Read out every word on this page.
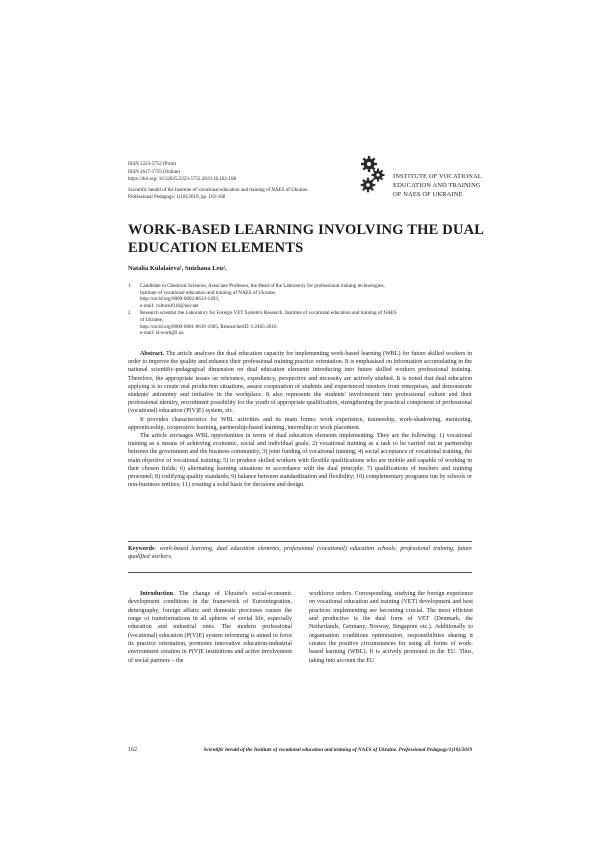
ISSN 2223-5752 (Print)
ISSN 2617-1759 (Online)
https://doi.org/ 10.32835/2223-5752.2019.18.162-168
Scientific herald of the Institute of vocational education and training of NAES of Ukraine.
Professional Pedagogy/ 1(18)/2019, pp. 162-168
INSTITUTE OF VOCATIONAL
EDUCATION AND TRAINING
OF NAES OF UKRAINE
WORK-BASED LEARNING INVOLVING THE DUAL
EDUCATION ELEMENTS
Natalia Kulalaieva¹, Snizhana Leu²,
1 Candidate in Chemical Sciences, Associate Professor, the Head of the Laboratory for professional training technologies,
Institute of vocational education and training of NAES of Ukraine,
http://orcid.org/0000-0002-8613-1493,
e-mail: culture2016@ukr.net
2 Research scientist the Laboratory for Foreign VET System's Research, Institute of vocational education and training of NAES
of Ukraine,
http://orcid.org/0000-0001-8616-1005, ResearcherID: I-2465-2016
e-mail: sl-work@i.ua

Abstract. The article analyses the dual education capacity for implementing work-based learning (WBL) for future skilled workers in order to improve the quality and enhance their professional training practice orientation. It is emphasised on information accumulating in the national scientific-pedagogical dimension on dual education elements introducing into future skilled workers professional training. Therefore, the appropriate issues on relevance, expediency, perspective and necessity are actively studied. It is noted that dual education applying is to create real production situations, assure cooperation of students and experienced mentors from enterprises, and demonstrate students' autonomy and initiative in the workplace. It also represents the students' involvement into professional culture and their professional identity, recruitment possibility for the youth of appropriate qualification, strengthening the practical component of professional (vocational) education (P(V)E) system, etc.

It provides characteristics for WBL activities and its main forms: work experience, traineeship, work-shadowing, mentoring, apprenticeship, cooperative learning, partnership-based learning, internship or work placement.

The article envisages WBL opportunities in terms of dual education elements implementing. They are the following: 1) vocational training as a means of achieving economic, social and individual goals; 2) vocational training as a task to be carried out in partnership between the government and the business community; 3) joint funding of vocational training; 4) social acceptance of vocational training, the main objective of vocational training; 5) to produce skilled workers with flexible qualifications who are mobile and capable of working in their chosen fields; 6) alternating learning situations in accordance with the dual principle; 7) qualifications of teachers and training personnel; 8) codifying quality standards; 9) balance between standardization and flexibility; 10) complementary programs run by schools or non-business entities; 11) creating a solid basis for decisions and design.

Keywords: work-based learning, dual education elements, professional (vocational) education schools, professional training, future qualified workers.

Introduction. The change of Ukraine's social-economic development conditions in the framework of Eurointegration, demography, foreign affairs and domestic processes causes the range of transformations in all spheres of sovial life, especially education and industrial ones. The modern professional (vocational) education (P(V)E) system reforming is aimed to force its practice orientation, promotes innovative education-industrial environment creation in P(V)E institutions and active involvement of social partners – the

workforce orders. Corresponding, studying the foreign experience on vocational education and training (VET) development and best practices implementing are becoming crucial. The most efficient and productive is the dual form of VET (Denmark, the Netherlands, Germany, Norway, Singapore etc.). Additionally to organisation conditions optimisation, responsibilities sharing it creates the positive circumstances for using all forms of work-based learning (WBL). It is actively promoted in the EU. Thus, taking into account the EU

162	Scientific herald of the Institute of vocational education and training of NAES of Ukraine. Professional Pedagogy/1(18)/2019
